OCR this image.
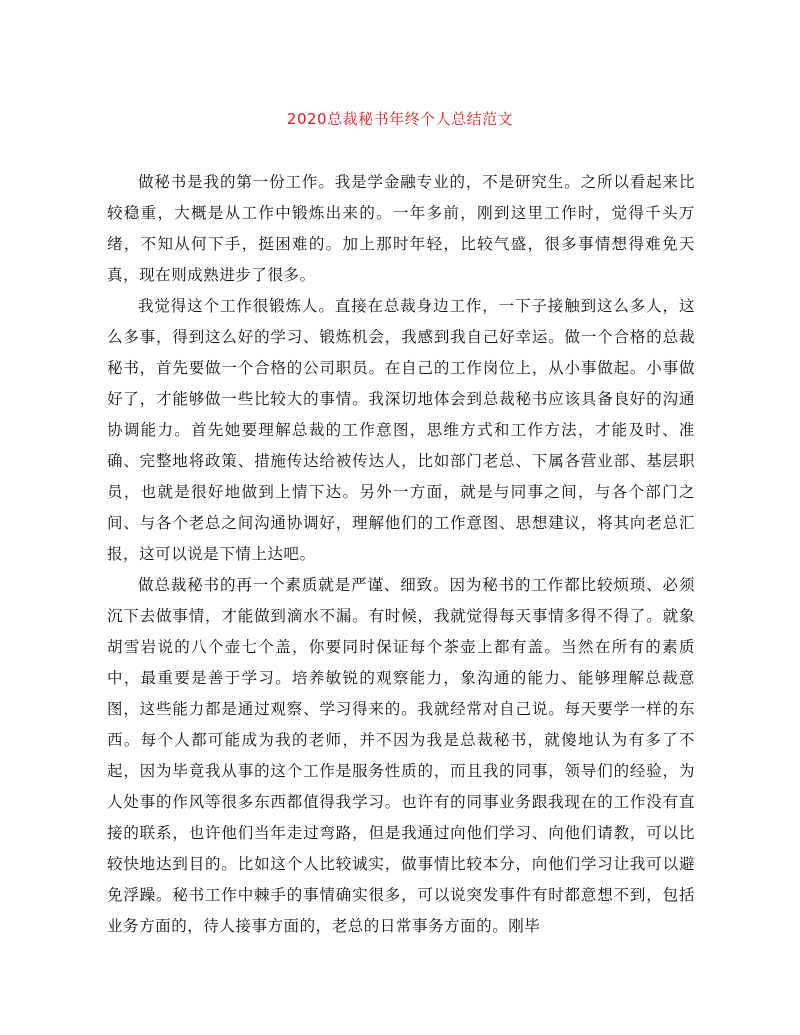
2020总裁秘书年终个人总结范文

做秘书是我的第一份工作。我是学金融专业的，不是研究生。之所以看起来比较稳重，大概是从工作中锻炼出来的。一年多前，刚到这里工作时，觉得千头万绪，不知从何下手，挺困难的。加上那时年轻，比较气盛，很多事情想得难免天真，现在则成熟进步了很多。

我觉得这个工作很锻炼人。直接在总裁身边工作，一下子接触到这么多人，这么多事，得到这么好的学习、锻炼机会，我感到我自己好幸运。做一个合格的总裁秘书，首先要做一个合格的公司职员。在自己的工作岗位上，从小事做起。小事做好了，才能够做一些比较大的事情。我深切地体会到总裁秘书应该具备良好的沟通协调能力。首先她要理解总裁的工作意图，思维方式和工作方法，才能及时、准确、完整地将政策、措施传达给被传达人，比如部门老总、下属各营业部、基层职员，也就是很好地做到上情下达。另外一方面，就是与同事之间，与各个部门之间、与各个老总之间沟通协调好，理解他们的工作意图、思想建议，将其向老总汇报，这可以说是下情上达吧。

做总裁秘书的再一个素质就是严谨、细致。因为秘书的工作都比较烦琐、必须沉下去做事情，才能做到滴水不漏。有时候，我就觉得每天事情多得不得了。就象胡雪岩说的八个壶七个盖，你要同时保证每个茶壶上都有盖。当然在所有的素质中，最重要是善于学习。培养敏锐的观察能力，象沟通的能力、能够理解总裁意图，这些能力都是通过观察、学习得来的。我就经常对自己说。每天要学一样的东西。每个人都可能成为我的老师，并不因为我是总裁秘书，就傻地认为有多了不起，因为毕竟我从事的这个工作是服务性质的，而且我的同事，领导们的经验，为人处事的作风等很多东西都值得我学习。也许有的同事业务跟我现在的工作没有直接的联系，也许他们当年走过弯路，但是我通过向他们学习、向他们请教，可以比较快地达到目的。比如这个人比较诚实，做事情比较本分，向他们学习让我可以避免浮躁。秘书工作中棘手的事情确实很多，可以说突发事件有时都意想不到，包括业务方面的，待人接事方面的，老总的日常事务方面的。刚毕
